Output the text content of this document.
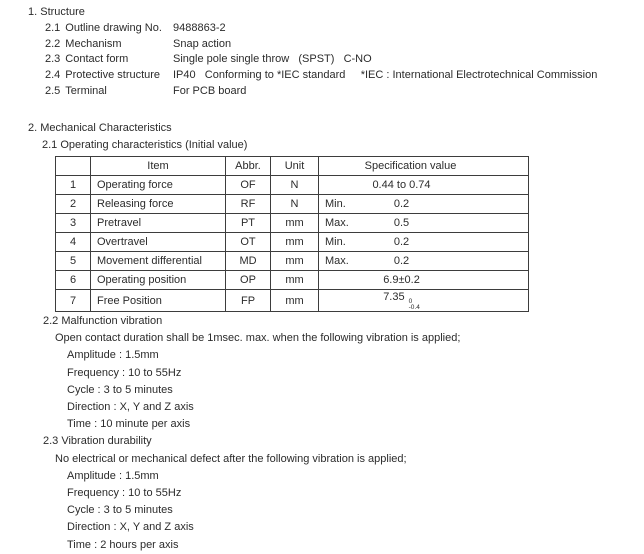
1. Structure
2.1 Outline drawing No. 9488863-2
2.2 Mechanism	Snap action
2.3 Contact form	Single pole single throw   (SPST)   C-NO
2.4 Protective structure IP40   Conforming to *IEC standard     *IEC : International Electrotechnical Commission
2.5 Terminal	For PCB board
2. Mechanical Characteristics
2.1 Operating characteristics (Initial value)
	Item	Abbr.	Unit	Specification value
1	Operating force	OF	N	0.44 to 0.74
2	Releasing force	RF	N	Min. 0.2
3	Pretravel	PT	mm	Max. 0.5
4	Overtravel	OT	mm	Min. 0.2
5	Movement differential	MD	mm	Max. 0.2
6	Operating position	OP	mm	6.9±0.2
7	Free Position	FP	mm	7.35 0
-0.4
2.2 Malfunction vibration
Open contact duration shall be 1msec. max. when the following vibration is applied;
Amplitude : 1.5mm
Frequency : 10 to 55Hz
Cycle : 3 to 5 minutes
Direction : X, Y and Z axis
Time : 10 minute per axis
2.3 Vibration durability
No electrical or mechanical defect after the following vibration is applied;
Amplitude : 1.5mm
Frequency : 10 to 55Hz
Cycle : 3 to 5 minutes
Direction : X, Y and Z axis
Time : 2 hours per axis
